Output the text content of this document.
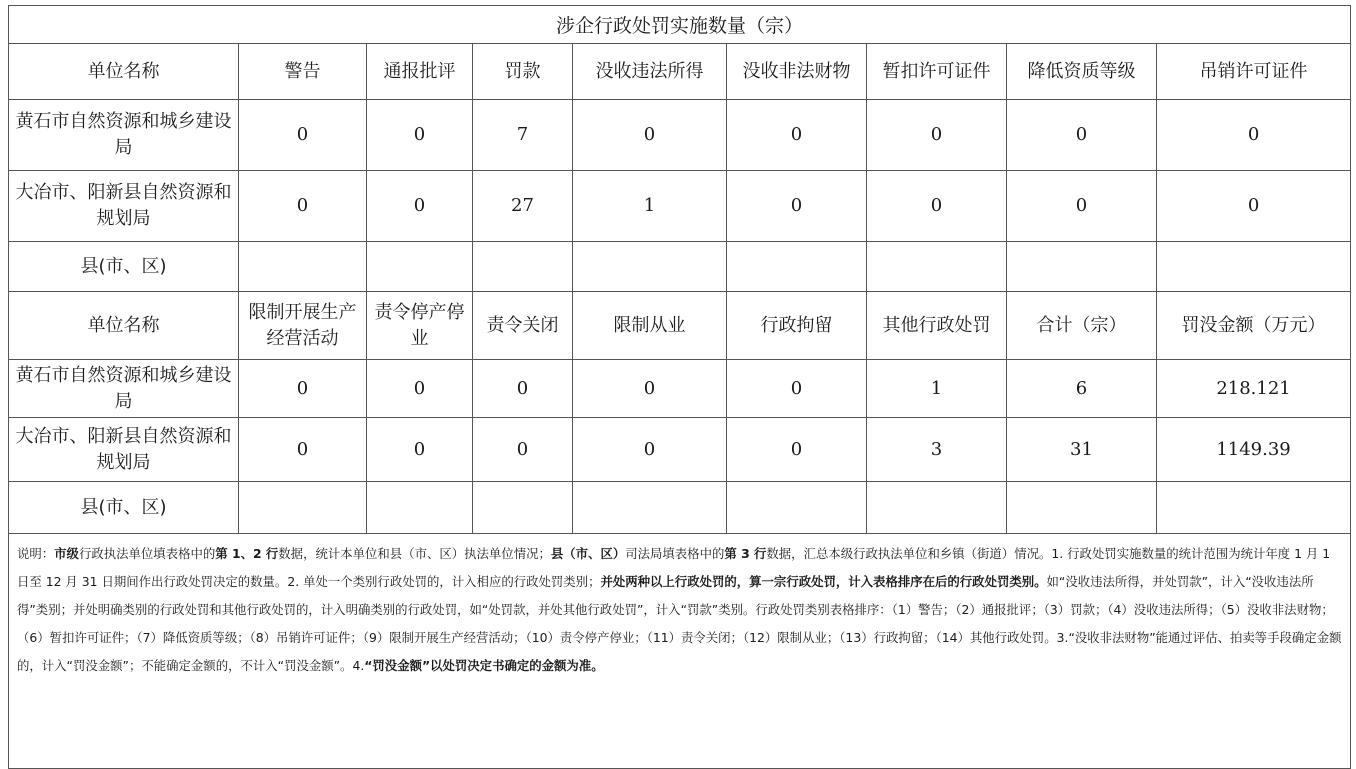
涉企行政处罚实施数量（宗）								
单位名称	警告	通报批评	罚款	没收违法所得	没收非法财物	暂扣许可证件	降低资质等级	吊销许可证件
黄石市自然资源和城乡建设局	0	0	7	0	0	0	0	0
大冶市、阳新县自然资源和规划局	0	0	27	1	0	0	0	0
县(市、区)								
单位名称	限制开展生产经营活动	责令停产停业	责令关闭	限制从业	行政拘留	其他行政处罚	合计（宗）	罚没金额（万元）
黄石市自然资源和城乡建设局	0	0	0	0	0	1	6	218.121
大冶市、阳新县自然资源和规划局	0	0	0	0	0	3	31	1149.39
县(市、区)								
说明：市级行政执法单位填表格中的第 1、2 行数据，统计本单位和县（市、区）执法单位情况；县（市、区）司法局填表格中的第 3 行数据，汇总本级行政执法单位和乡镇（街道）情况。1. 行政处罚实施数量的统计范围为统计年度 1 月 1 日至 12 月 31 日期间作出行政处罚决定的数量。2. 单处一个类别行政处罚的，计入相应的行政处罚类别；并处两种以上行政处罚的，算一宗行政处罚，计入表格排序在后的行政处罚类别。如“没收违法所得，并处罚款”，计入“没收违法所得”类别；并处明确类别的行政处罚和其他行政处罚的，计入明确类别的行政处罚，如“处罚款，并处其他行政处罚”，计入“罚款”类别。行政处罚类别表格排序：（1）警告；（2）通报批评；（3）罚款；（4）没收违法所得；（5）没收非法财物；（6）暂扣许可证件；（7）降低资质等级；（8）吊销许可证件；（9）限制开展生产经营活动；（10）责令停产停业；（11）责令关闭；（12）限制从业；（13）行政拘留；（14）其他行政处罚。3.“没收非法财物”能通过评估、拍卖等手段确定金额的，计入“罚没金额”；不能确定金额的，不计入“罚没金额”。4.“罚没金额”以处罚决定书确定的金额为准。								
